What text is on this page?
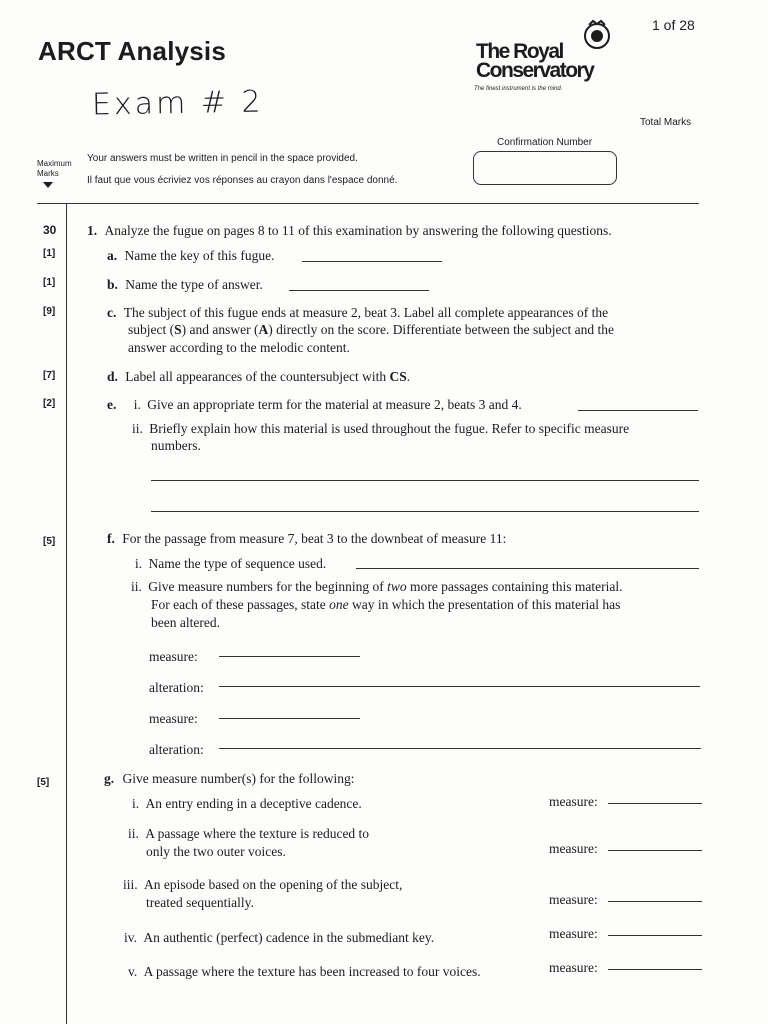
1 of 28
ARCT Analysis
Exam # 2
The Royal
Conservatory
The finest instrument is the mind.
Total Marks
Confirmation Number
Maximum
Marks
Your answers must be written in pencil in the space provided.
Il faut que vous écriviez vos réponses au crayon dans l'espace donné.
30
[1]
[1]
[9]
[7]
[2]
[5]
[5]
1. Analyze the fugue on pages 8 to 11 of this examination by answering the following questions.
a. Name the key of this fugue.
b. Name the type of answer.
c. The subject of this fugue ends at measure 2, beat 3. Label all complete appearances of the
subject (S) and answer (A) directly on the score. Differentiate between the subject and the
answer according to the melodic content.
d. Label all appearances of the countersubject with CS.
e. i. Give an appropriate term for the material at measure 2, beats 3 and 4.
ii. Briefly explain how this material is used throughout the fugue. Refer to specific measure
numbers.
f. For the passage from measure 7, beat 3 to the downbeat of measure 11:
i. Name the type of sequence used.
ii. Give measure numbers for the beginning of two more passages containing this material.
For each of these passages, state one way in which the presentation of this material has
been altered.
measure:
alteration:
measure:
alteration:
g. Give measure number(s) for the following:
i. An entry ending in a deceptive cadence.	measure:
ii. A passage where the texture is reduced to
only the two outer voices.	measure:
iii. An episode based on the opening of the subject,
treated sequentially.	measure:
iv. An authentic (perfect) cadence in the submediant key.	measure:
v. A passage where the texture has been increased to four voices.	measure:
